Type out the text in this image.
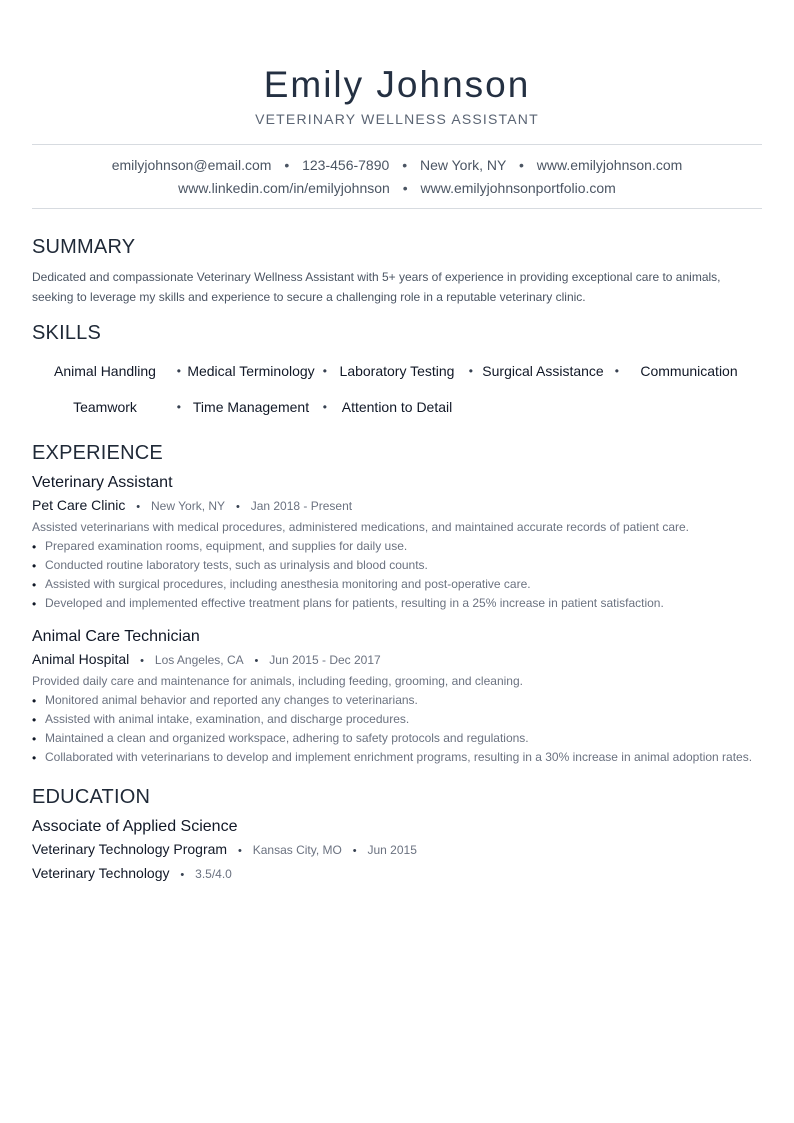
Emily Johnson
VETERINARY WELLNESS ASSISTANT
emilyjohnson@email.com • 123-456-7890 • New York, NY • www.emilyjohnson.com
www.linkedin.com/in/emilyjohnson • www.emilyjohnsonportfolio.com
SUMMARY
Dedicated and compassionate Veterinary Wellness Assistant with 5+ years of experience in providing exceptional care to animals, seeking to leverage my skills and experience to secure a challenging role in a reputable veterinary clinic.
SKILLS
Animal Handling • Medical Terminology • Laboratory Testing • Surgical Assistance • Communication
Teamwork	• Time Management • Attention to Detail
EXPERIENCE
Veterinary Assistant
Pet Care Clinic • New York, NY • Jan 2018 - Present
Assisted veterinarians with medical procedures, administered medications, and maintained accurate records of patient care.
• Prepared examination rooms, equipment, and supplies for daily use.
• Conducted routine laboratory tests, such as urinalysis and blood counts.
• Assisted with surgical procedures, including anesthesia monitoring and post-operative care.
• Developed and implemented effective treatment plans for patients, resulting in a 25% increase in patient satisfaction.
Animal Care Technician
Animal Hospital • Los Angeles, CA • Jun 2015 - Dec 2017
Provided daily care and maintenance for animals, including feeding, grooming, and cleaning.
• Monitored animal behavior and reported any changes to veterinarians.
• Assisted with animal intake, examination, and discharge procedures.
• Maintained a clean and organized workspace, adhering to safety protocols and regulations.
• Collaborated with veterinarians to develop and implement enrichment programs, resulting in a 30% increase in animal adoption rates.
EDUCATION
Associate of Applied Science
Veterinary Technology Program • Kansas City, MO • Jun 2015
Veterinary Technology • 3.5/4.0
